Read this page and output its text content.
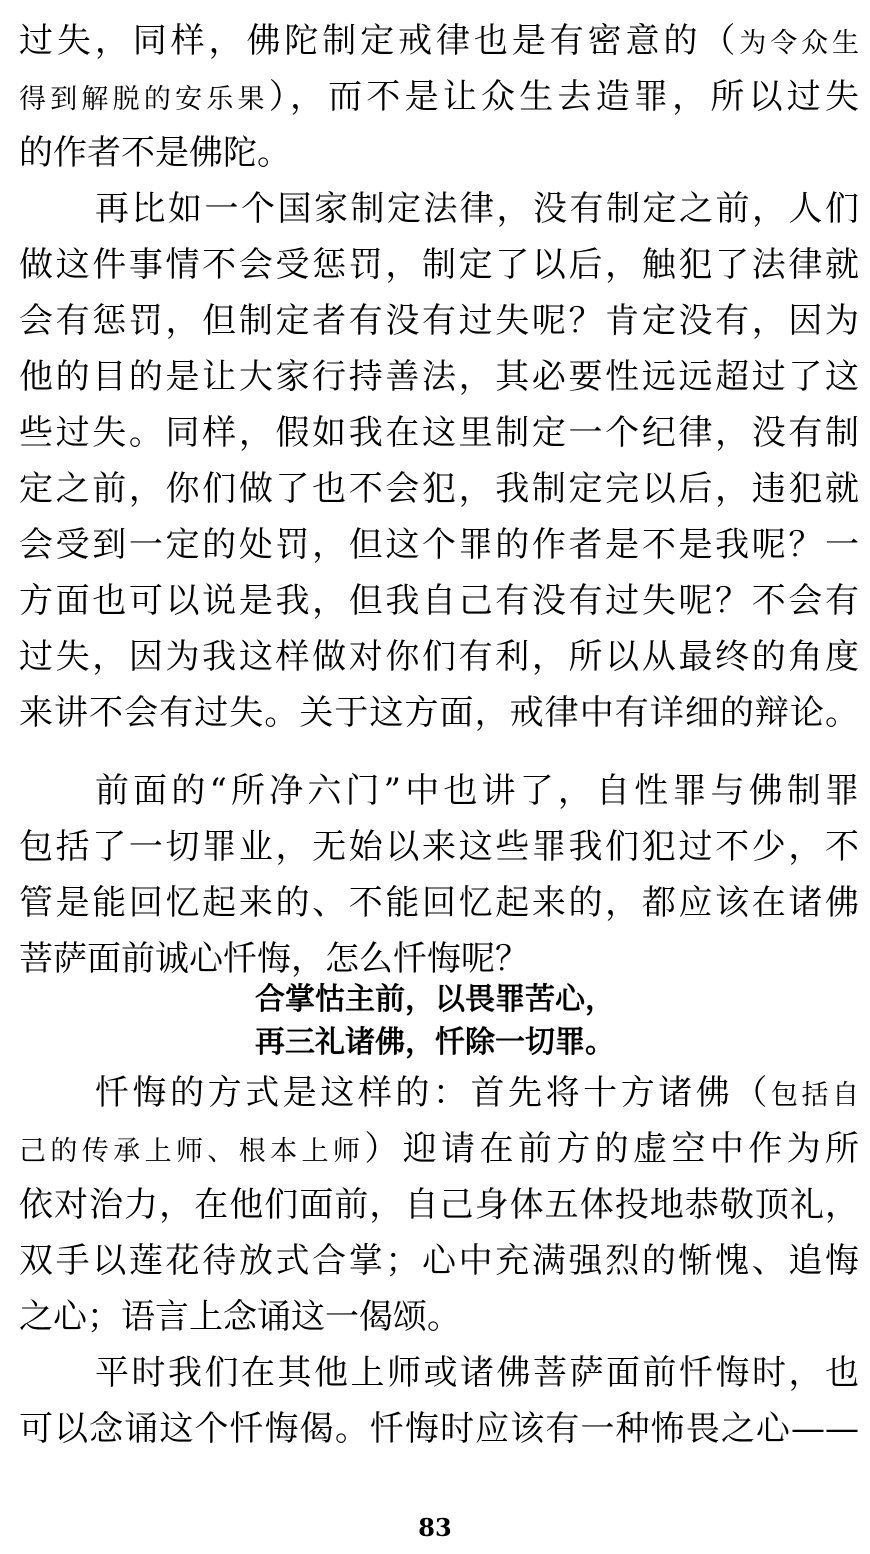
过失，同样，佛陀制定戒律也是有密意的（为令众生
得到解脱的安乐果），而不是让众生去造罪，所以过失
的作者不是佛陀。
再比如一个国家制定法律，没有制定之前，人们
做这件事情不会受惩罚，制定了以后，触犯了法律就
会有惩罚，但制定者有没有过失呢？肯定没有，因为
他的目的是让大家行持善法，其必要性远远超过了这
些过失。同样，假如我在这里制定一个纪律，没有制
定之前，你们做了也不会犯，我制定完以后，违犯就
会受到一定的处罚，但这个罪的作者是不是我呢？一
方面也可以说是我，但我自己有没有过失呢？不会有
过失，因为我这样做对你们有利，所以从最终的角度
来讲不会有过失。关于这方面，戒律中有详细的辩论。
前面的“所净六门”中也讲了，自性罪与佛制罪
包括了一切罪业，无始以来这些罪我们犯过不少，不
管是能回忆起来的、不能回忆起来的，都应该在诸佛
菩萨面前诚心忏悔，怎么忏悔呢？
合掌怙主前，以畏罪苦心，
再三礼诸佛，忏除一切罪。
忏悔的方式是这样的：首先将十方诸佛（包括自
己的传承上师、根本上师）迎请在前方的虚空中作为所
依对治力，在他们面前，自己身体五体投地恭敬顶礼，
双手以莲花待放式合掌；心中充满强烈的惭愧、追悔
之心；语言上念诵这一偈颂。
平时我们在其他上师或诸佛菩萨面前忏悔时，也
可以念诵这个忏悔偈。忏悔时应该有一种怖畏之心——
83
